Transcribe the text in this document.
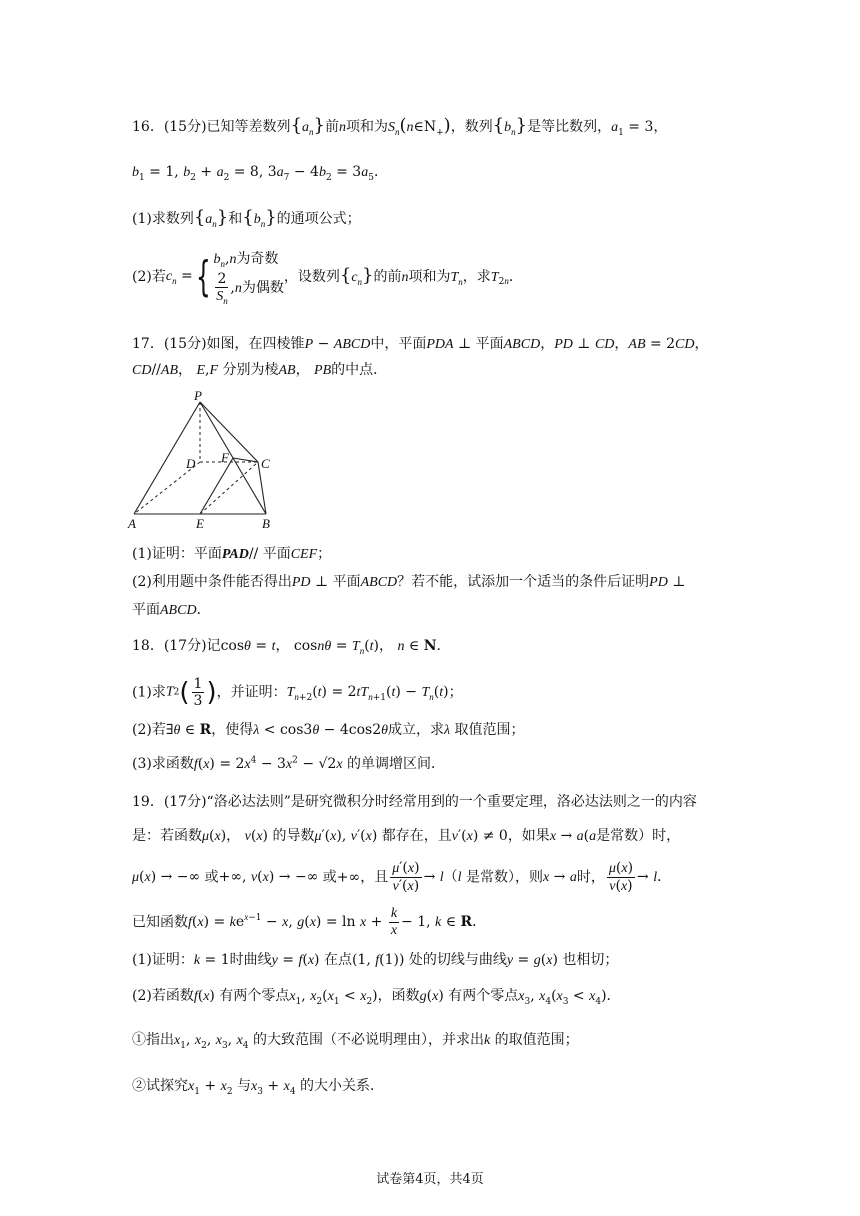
16．(15分)已知等差数列$\{a_n\}$前n项和为$S_n(n\in N_+)$，数列$\{b_n\}$是等比数列，$a_1 = 3$，
$b_1 = 1$, $b_2 + a_2 = 8$, $3a_7 - 4b_2 = 3a_5$．
(1)求数列$\{a_n\}$和$\{b_n\}$的通项公式；
(2)若$c_n$ ={ $b_n,n$为奇数
$\frac{2}{S_n} ,n$为偶数
，设数列$\{c_n\}$的前n项和为$T_n$，求$T_{2n}$．
17．(15分)如图，在四棱锥P − ABCD中，平面PDA ⊥ 平面ABCD，PD ⊥ CD，AB = 2CD，
CD//AB， E,F 分别为棱AB， PB的中点．
P
D F C
A	E	B
(1)证明：平面PAD// 平面CEF；
(2)利用题中条件能否得出PD ⊥ 平面ABCD？若不能，试添加一个适当的条件后证明PD ⊥
平面ABCD．
18．(17分)记cosθ = t， $\cos n\theta = T_n(t)$， n ∈ N．
(1)求$T2( \frac{1}{3}$ )，并证明：$T_{n+2}(t) = 2tT_{n+1}(t) - T_n(t)$；
(2)若∃θ ∈ R，使得λ < cos3θ − 4cos2θ成立，求λ 取值范围；
(3)求函数$f(x) = 2x^4 - 3x^2 - √2x$ 的单调增区间．
19．(17分)“洛必达法则”是研究微积分时经常用到的一个重要定理，洛必达法则之一的内容
是：若函数μ(x)， ν(x) 的导数μ′(x), ν′(x) 都存在，且ν′(x) ≠ 0，如果x → a(a是常数）时，
μ(x) → −∞ 或+∞, ν(x) → −∞ 或+∞，且 $\frac{\mu'(x)}{\nu'(x)} \to l(l$ 是常数），则x → a时， $\frac{\mu(x)}{\nu(x)} \to l$．
已知函数$f(x) = ke^{x-1} - x$, $g(x) = \ln x + \frac{k}{x} - 1$, k ∈ R．
(1)证明：k = 1时曲线y = f(x) 在点(1, f(1)) 处的切线与曲线y = g(x) 也相切；
(2)若函数f(x) 有两个零点$x_1$, $x_2(x_1 < x_2)$，函数g(x) 有两个零点$x_3$, $x_4(x_3 < x_4)$．
①指出$x_1$, $x_2$, $x_3$, $x_4$ 的大致范围（不必说明理由），并求出k 的取值范围；
②试探究$x_1 + x_2$ 与$x_3 + x_4$ 的大小关系．
试卷第4页，共4页
